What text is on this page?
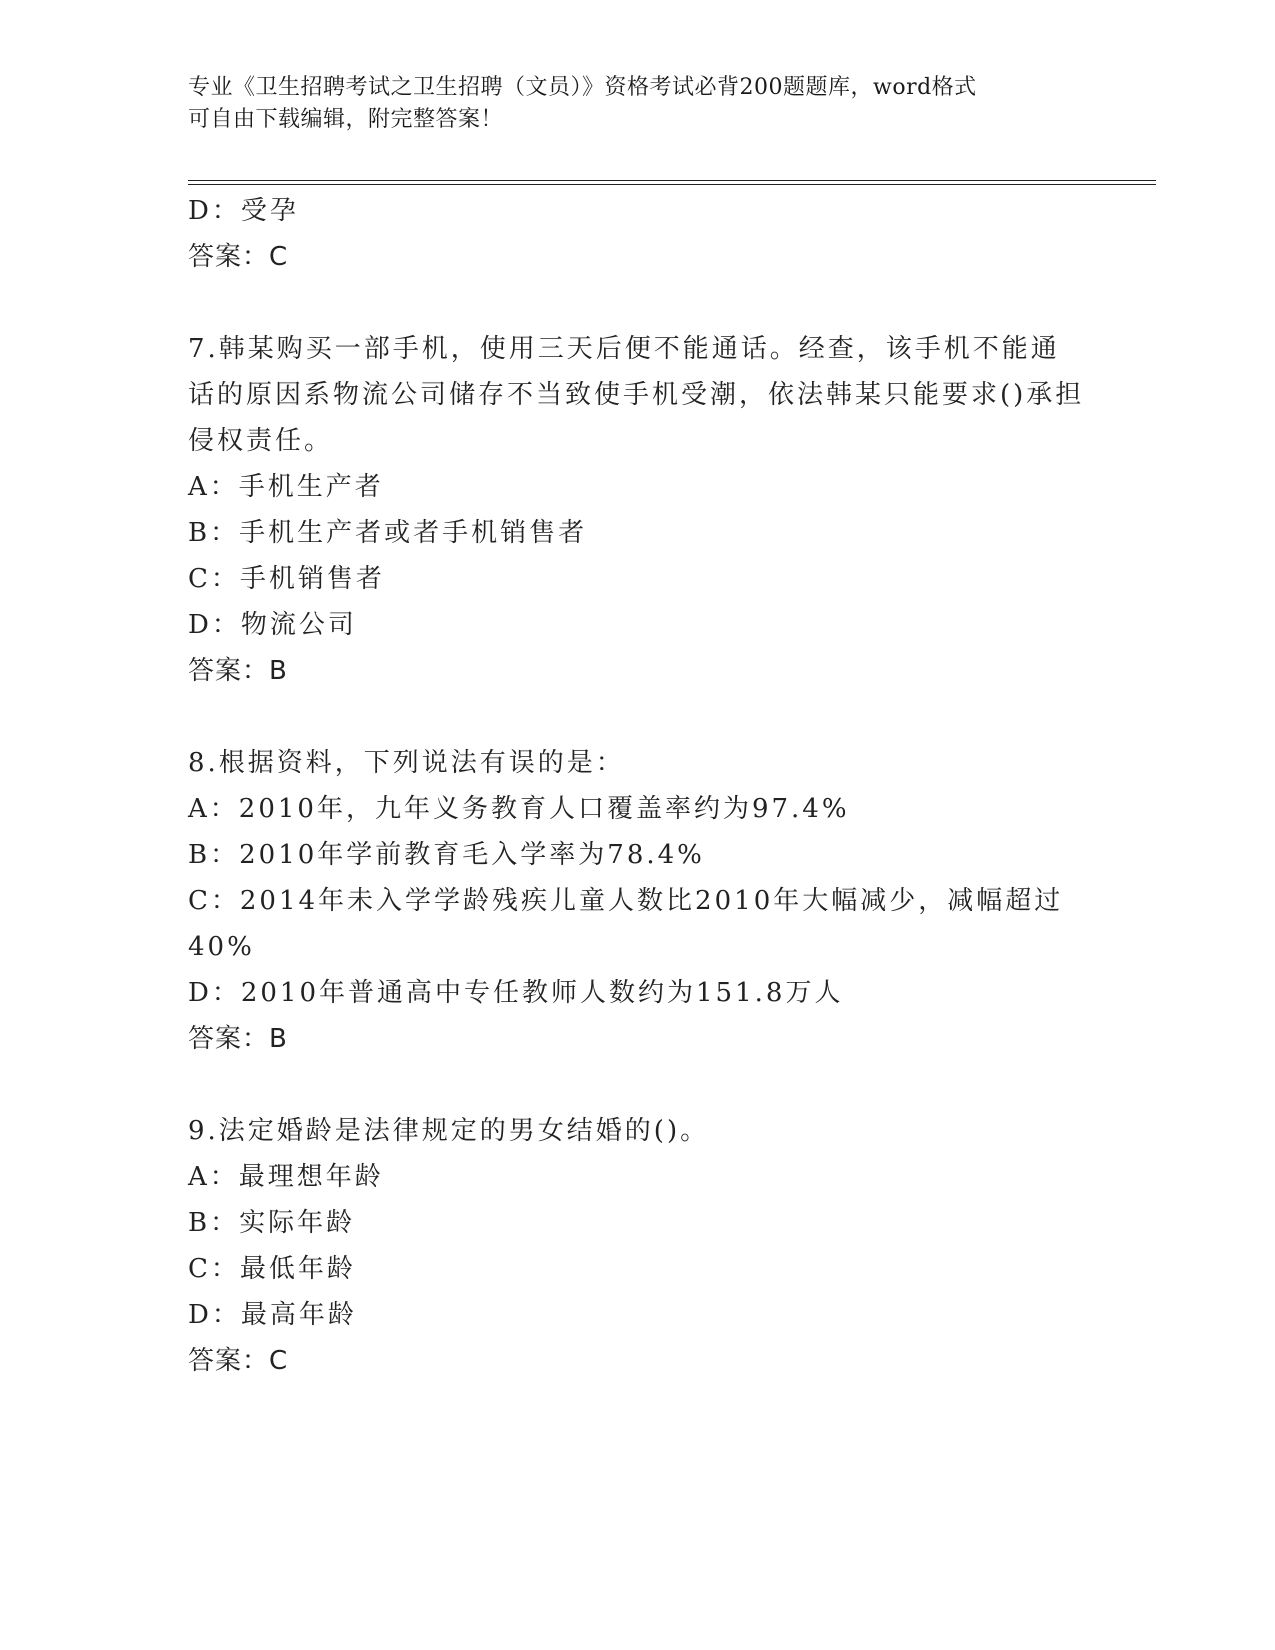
专业《卫生招聘考试之卫生招聘（文员）》资格考试必背200题题库，word格式
可自由下载编辑，附完整答案！

D：受孕

答案：C

7.韩某购买一部手机，使用三天后便不能通话。经查，该手机不能通话的原因系物流公司储存不当致使手机受潮，依法韩某只能要求()承担侵权责任。

A：手机生产者

B：手机生产者或者手机销售者

C：手机销售者

D：物流公司

答案：B

8.根据资料，下列说法有误的是：

A：2010年，九年义务教育人口覆盖率约为97.4%

B：2010年学前教育毛入学率为78.4%

C：2014年未入学学龄残疾儿童人数比2010年大幅减少，减幅超过40%

D：2010年普通高中专任教师人数约为151.8万人

答案：B

9.法定婚龄是法律规定的男女结婚的()。

A：最理想年龄

B：实际年龄

C：最低年龄

D：最高年龄

答案：C
